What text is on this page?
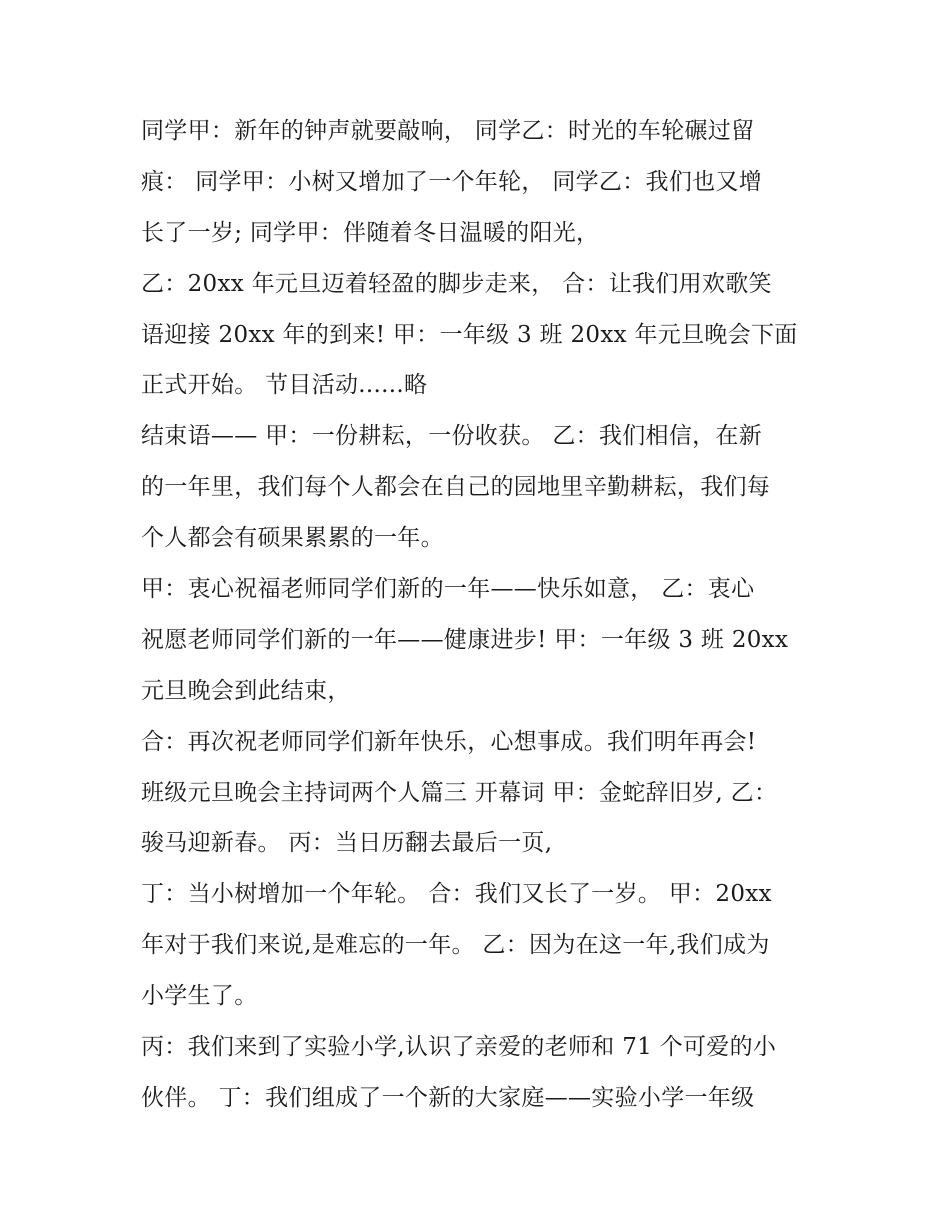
同学甲：新年的钟声就要敲响， 同学乙：时光的车轮碾过留
痕： 同学甲：小树又增加了一个年轮， 同学乙：我们也又增
长了一岁; 同学甲：伴随着冬日温暖的阳光，
乙：20xx 年元旦迈着轻盈的脚步走来， 合：让我们用欢歌笑
语迎接 20xx 年的到来! 甲：一年级 3 班 20xx 年元旦晚会下面
正式开始。 节目活动......略
结束语—— 甲：一份耕耘，一份收获。 乙：我们相信，在新
的一年里，我们每个人都会在自己的园地里辛勤耕耘，我们每
个人都会有硕果累累的一年。
甲：衷心祝福老师同学们新的一年——快乐如意， 乙：衷心
祝愿老师同学们新的一年——健康进步! 甲：一年级 3 班 20xx
元旦晚会到此结束，
合：再次祝老师同学们新年快乐，心想事成。我们明年再会!
班级元旦晚会主持词两个人篇三 开幕词 甲：金蛇辞旧岁, 乙：
骏马迎新春。 丙：当日历翻去最后一页,
丁：当小树增加一个年轮。 合：我们又长了一岁。 甲：20xx
年对于我们来说,是难忘的一年。 乙：因为在这一年,我们成为
小学生了。
丙：我们来到了实验小学,认识了亲爱的老师和 71 个可爱的小
伙伴。 丁：我们组成了一个新的大家庭——实验小学一年级
